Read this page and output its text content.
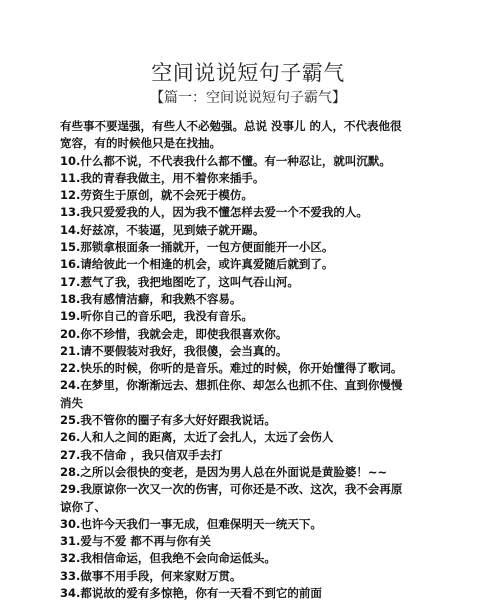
空间说说短句子霸气
【篇一：空间说说短句子霸气】
有些事不要逞强，有些人不必勉强。总说 没事儿 的人，不代表他很
宽容，有的时候他只是在找抽。
10.什么都不说，不代表我什么都不懂。有一种忍让，就叫沉默。
11.我的青春我做主，用不着你来插手。
12.劳资生于原创，就不会死于模仿。
13.我只爱爱我的人，因为我不懂怎样去爱一个不爱我的人。
14.好兹凉，不装逼，见到婊子就开踢。
15.那锁拿根面条一捅就开，一包方便面能开一小区。
16.请给彼此一个相逢的机会，或许真爱随后就到了。
17.惹气了我，我把地图吃了，这叫气吞山河。
18.我有感情洁癖，和我熟不容易。
19.听你自己的音乐吧，我没有音乐。
20.你不珍惜，我就会走，即使我很喜欢你。
21.请不要假装对我好，我很傻，会当真的。
22.快乐的时候，你听的是音乐。难过的时候，你开始懂得了歌词。
24.在梦里，你渐渐远去、想抓住你、却怎么也抓不住、直到你慢慢
消失
25.我不管你的圈子有多大好好跟我说话。
26.人和人之间的距离，太近了会扎人，太远了会伤人
27.我不信命 ，我只信双手去打
28.之所以会很快的变老，是因为男人总在外面说是黄脸婆！~~
29.我原谅你一次又一次的伤害，可你还是不改、这次，我不会再原
谅你了、
30.也许今天我们一事无成，但难保明天一统天下。
31.爱与不爱 都不再与你有关
32.我相信命运，但我绝不会向命运低头。
33.做事不用手段，何来家财万贯。
34.都说故的爱有多惊艳，你有一天看不到它的前面
